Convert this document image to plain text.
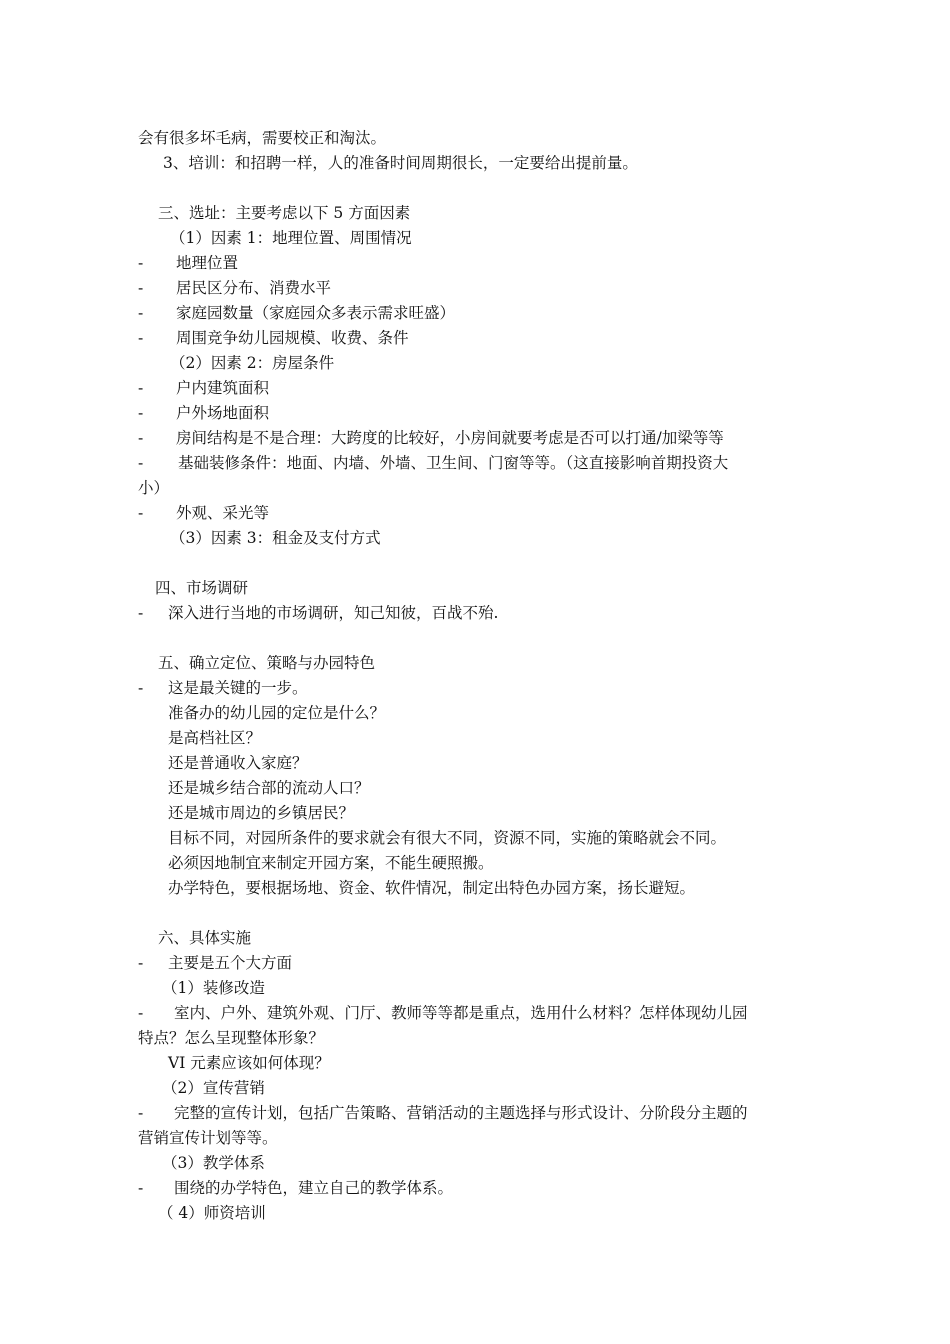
会有很多坏毛病，需要校正和淘汰。
3、培训：和招聘一样，人的准备时间周期很长，一定要给出提前量。
三、选址：主要考虑以下 5 方面因素
（1）因素 1：地理位置、周围情况
- 地理位置
- 居民区分布、消费水平
- 家庭园数量（家庭园众多表示需求旺盛）
- 周围竞争幼儿园规模、收费、条件
（2）因素 2：房屋条件
- 户内建筑面积
- 户外场地面积
- 房间结构是不是合理：大跨度的比较好，小房间就要考虑是否可以打通/加梁等等
- 基础装修条件：地面、内墙、外墙、卫生间、门窗等等。（这直接影响首期投资大
小）
- 外观、采光等
（3）因素 3：租金及支付方式
四、市场调研
- 深入进行当地的市场调研，知己知彼，百战不殆.
五、确立定位、策略与办园特色
- 这是最关键的一步。
准备办的幼儿园的定位是什么？
是高档社区？
还是普通收入家庭？
还是城乡结合部的流动人口？
还是城市周边的乡镇居民？
目标不同，对园所条件的要求就会有很大不同，资源不同，实施的策略就会不同。
必须因地制宜来制定开园方案，不能生硬照搬。
办学特色，要根据场地、资金、软件情况，制定出特色办园方案，扬长避短。
六、具体实施
- 主要是五个大方面
（1）装修改造
- 室内、户外、建筑外观、门厅、教师等等都是重点，选用什么材料？怎样体现幼儿园
特点？怎么呈现整体形象？
VI 元素应该如何体现？
（2）宣传营销
- 完整的宣传计划，包括广告策略、营销活动的主题选择与形式设计、分阶段分主题的
营销宣传计划等等。
（3）教学体系
- 围绕的办学特色，建立自己的教学体系。
（ 4）师资培训
